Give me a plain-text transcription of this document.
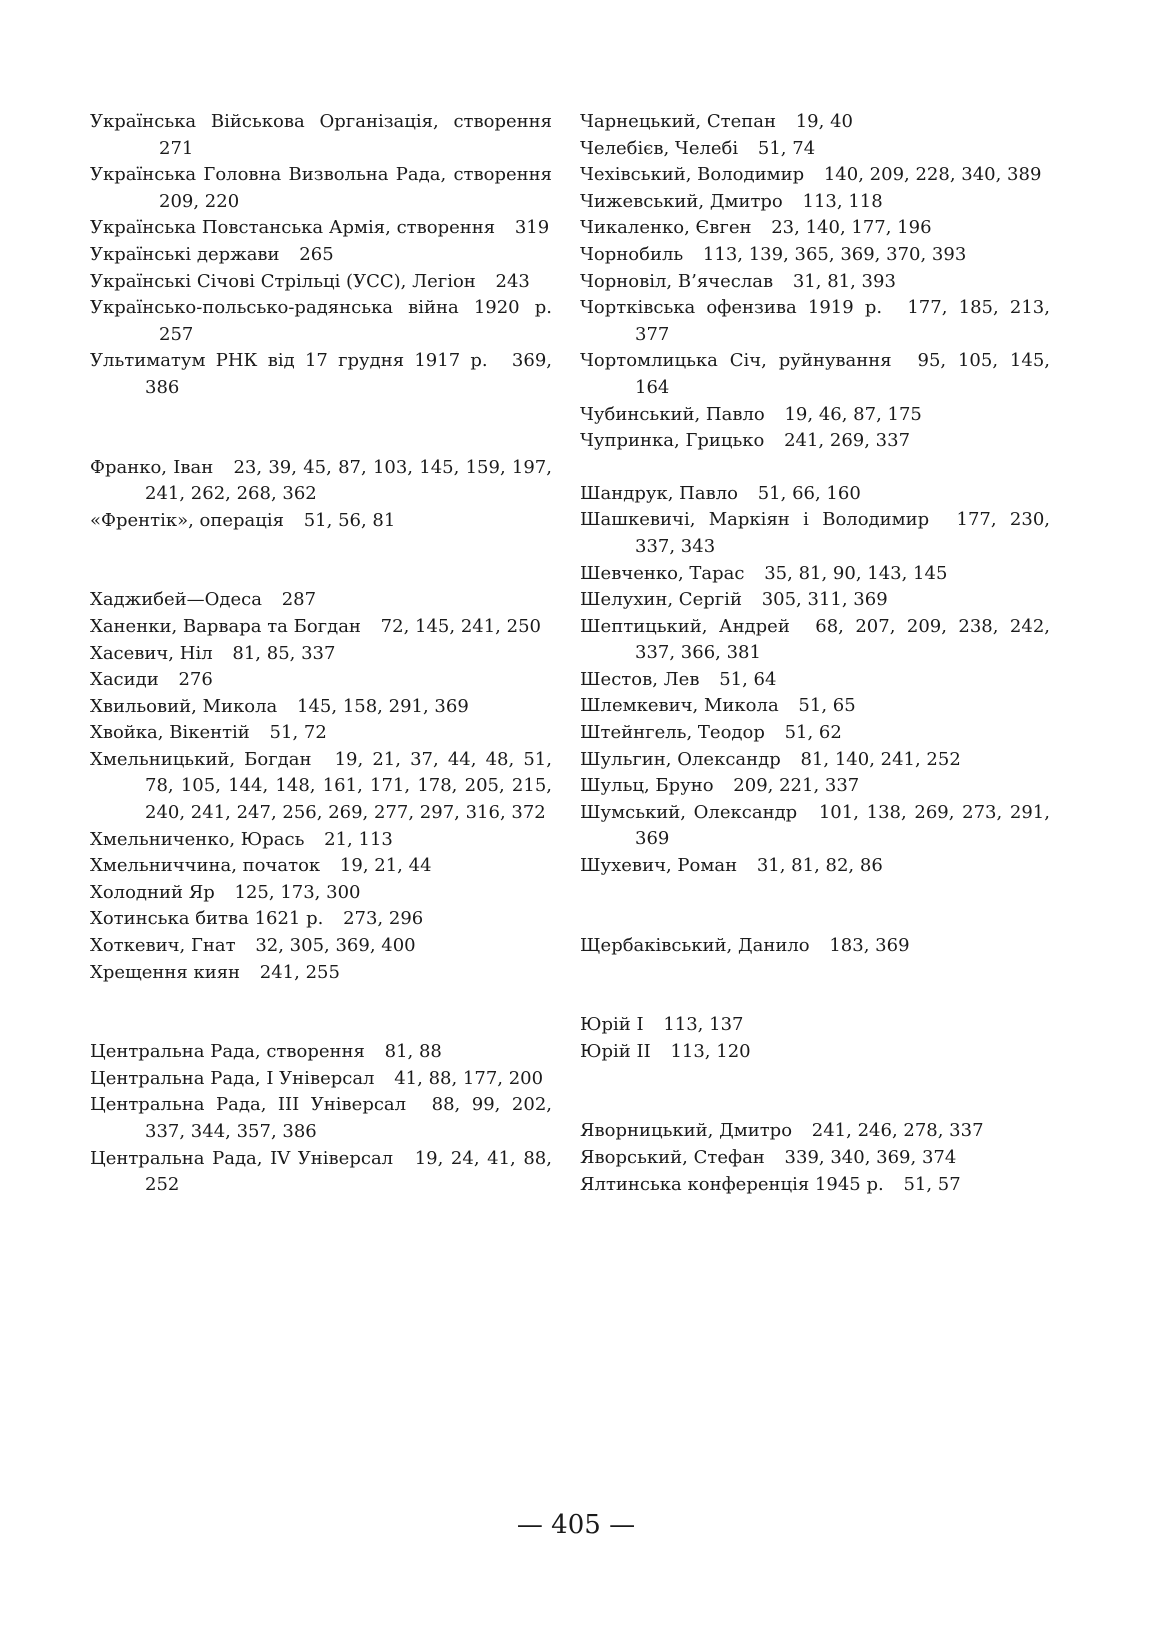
Українська Військова Організація, створення 271
Українська Головна Визвольна Рада, створення 209, 220
Українська Повстанська Армія, створення 319
Українські держави 265
Українські Січові Стрільці (УСС), Легіон 243
Українсько-польсько-радянська війна 1920 р. 257
Ультиматум РНК від 17 грудня 1917 р. 369, 386
Франко, Іван 23, 39, 45, 87, 103, 145, 159, 197, 241, 262, 268, 362
«Френтік», операція 51, 56, 81
Хаджибей—Одеса 287
Ханенки, Варвара та Богдан 72, 145, 241, 250
Хасевич, Ніл 81, 85, 337
Хасиди 276
Хвильовий, Микола 145, 158, 291, 369
Хвойка, Вікентій 51, 72
Хмельницький, Богдан 19, 21, 37, 44, 48, 51, 78, 105, 144, 148, 161, 171, 178, 205, 215, 240, 241, 247, 256, 269, 277, 297, 316, 372
Хмельниченко, Юрась 21, 113
Хмельниччина, початок 19, 21, 44
Холодний Яр 125, 173, 300
Хотинська битва 1621 р. 273, 296
Хоткевич, Гнат 32, 305, 369, 400
Хрещення киян 241, 255
Центральна Рада, створення 81, 88
Центральна Рада, І Універсал 41, 88, 177, 200
Центральна Рада, ІІІ Універсал 88, 99, 202, 337, 344, 357, 386
Центральна Рада, IV Універсал 19, 24, 41, 88, 252
Чарнецький, Степан 19, 40
Челебієв, Челебі 51, 74
Чехівський, Володимир 140, 209, 228, 340, 389
Чижевський, Дмитро 113, 118
Чикаленко, Євген 23, 140, 177, 196
Чорнобиль 113, 139, 365, 369, 370, 393
Чорновіл, В’ячеслав 31, 81, 393
Чортківська офензива 1919 р. 177, 185, 213, 377
Чортомлицька Січ, руйнування 95, 105, 145, 164
Чубинський, Павло 19, 46, 87, 175
Чупринка, Грицько 241, 269, 337
Шандрук, Павло 51, 66, 160
Шашкевичі, Маркіян і Володимир 177, 230, 337, 343
Шевченко, Тарас 35, 81, 90, 143, 145
Шелухин, Сергій 305, 311, 369
Шептицький, Андрей 68, 207, 209, 238, 242, 337, 366, 381
Шестов, Лев 51, 64
Шлемкевич, Микола 51, 65
Штейнгель, Теодор 51, 62
Шульгин, Олександр 81, 140, 241, 252
Шульц, Бруно 209, 221, 337
Шумський, Олександр 101, 138, 269, 273, 291, 369
Шухевич, Роман 31, 81, 82, 86
Щербаківський, Данило 183, 369
Юрій І 113, 137
Юрій ІІ 113, 120
Яворницький, Дмитро 241, 246, 278, 337
Яворський, Стефан 339, 340, 369, 374
Ялтинська конференція 1945 р. 51, 57
— 405 —
